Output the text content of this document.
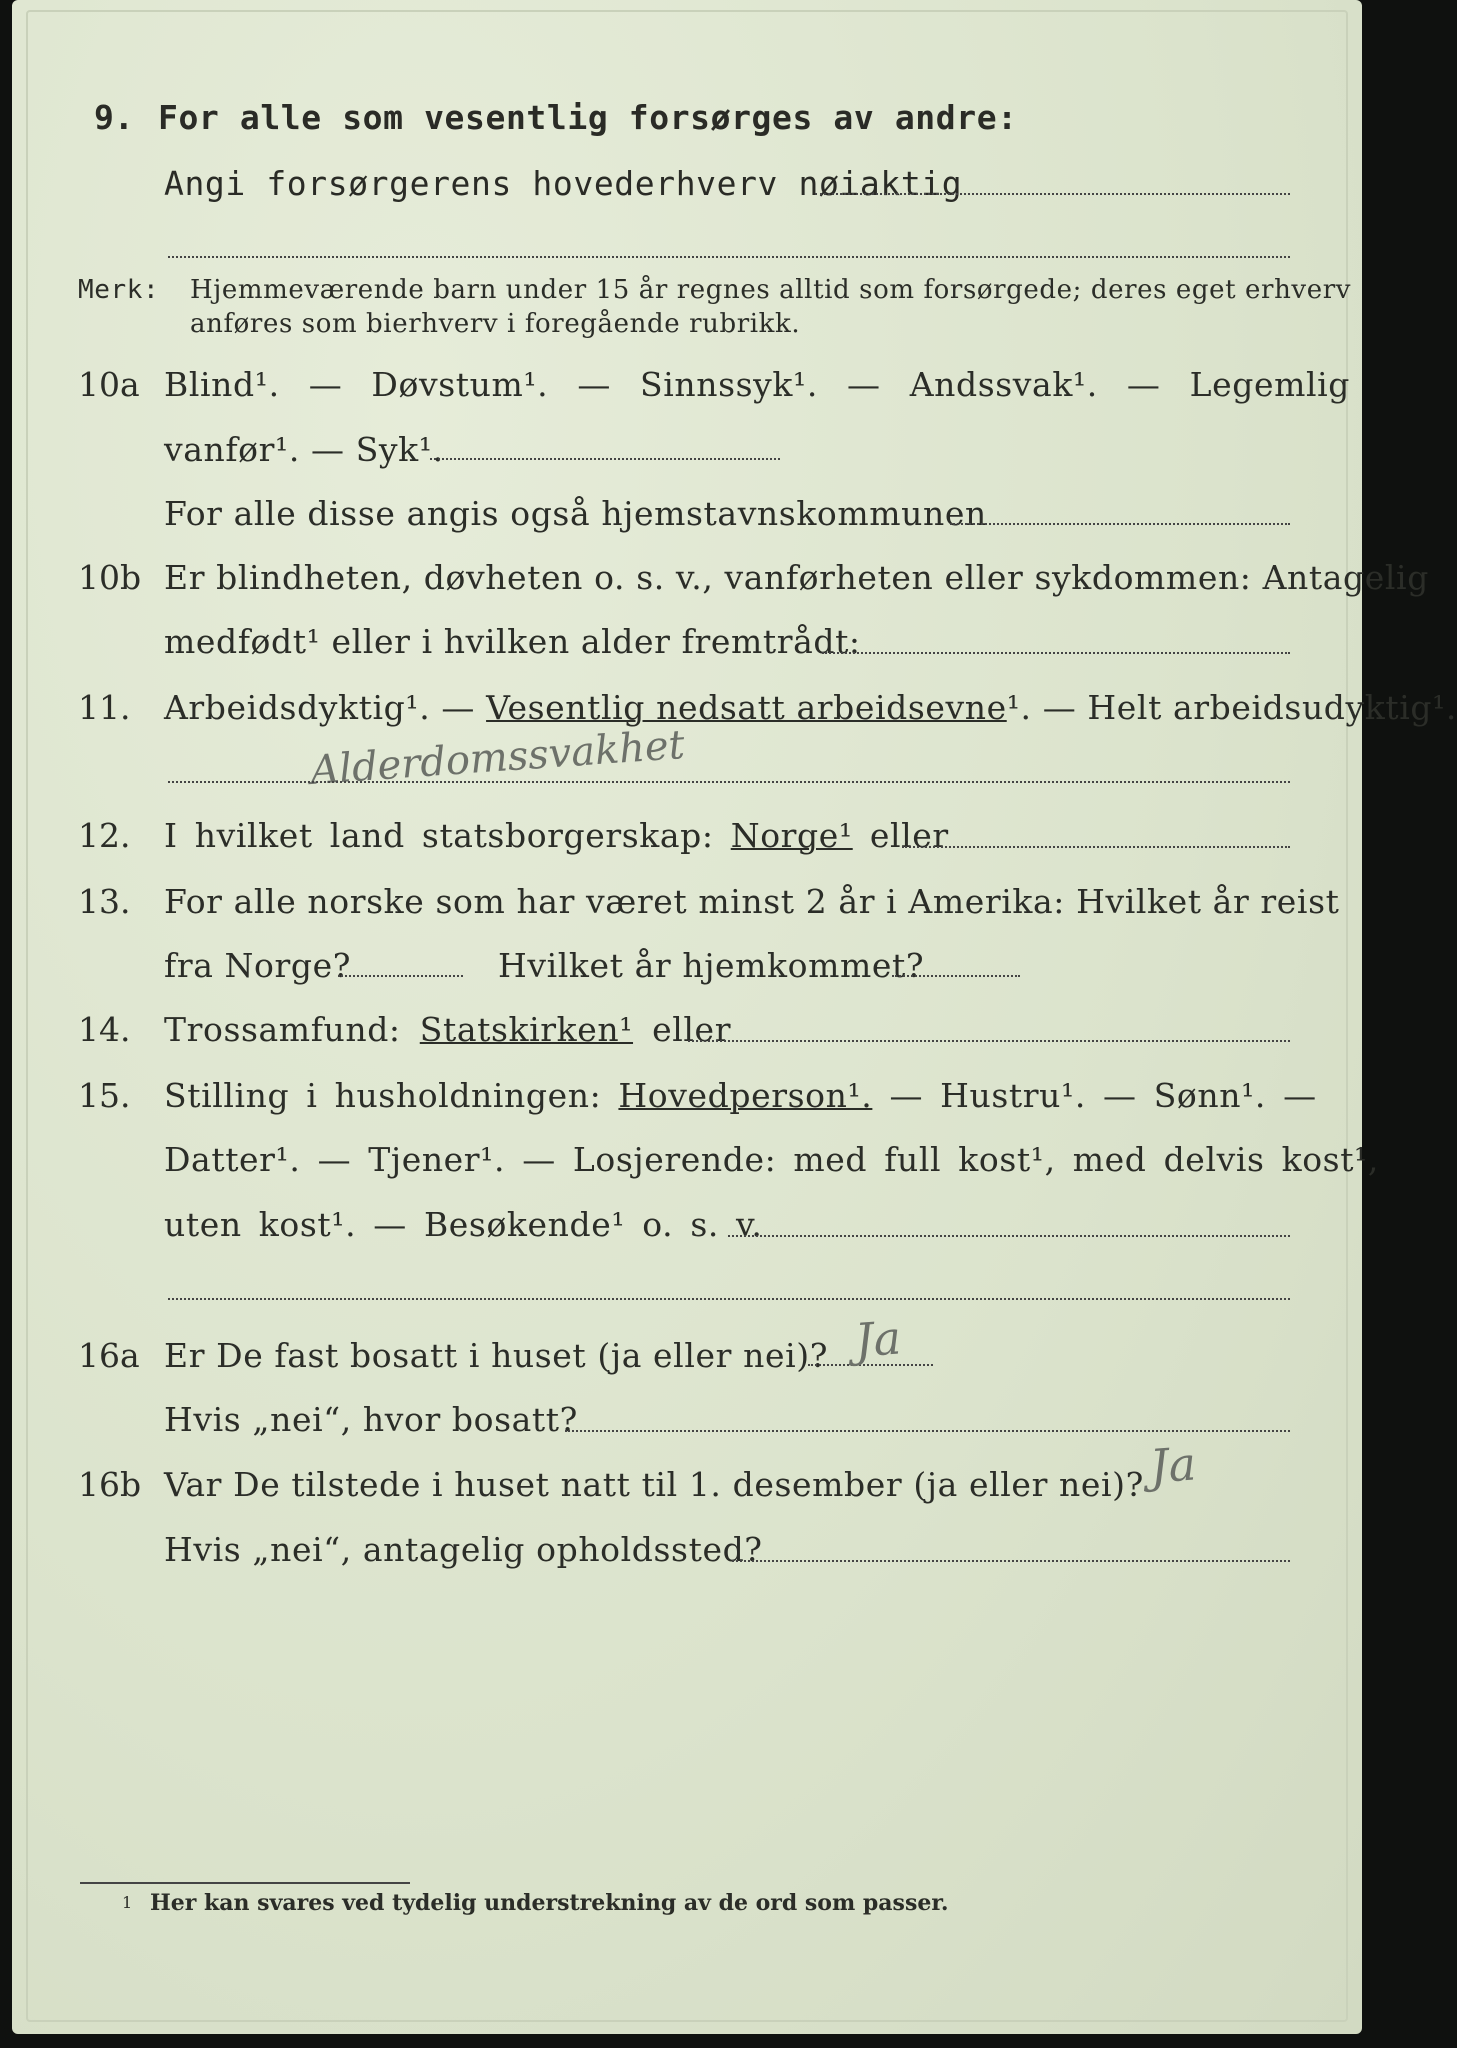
9. For alle som vesentlig forsørges av andre:
Angi forsørgerens hovederhverv nøiaktig
Merk: Hjemmeværende barn under 15 år regnes alltid som forsørgede; deres eget erhverv
anføres som bierhverv i foregående rubrikk.
10a Blind¹. — Døvstum¹. — Sinnssyk¹. — Andssvak¹. — Legemlig
vanfør¹. — Syk¹.
For alle disse angis også hjemstavnskommunen
10b Er blindheten, døvheten o. s. v., vanførheten eller sykdommen: Antagelig
medfødt¹ eller i hvilken alder fremtrådt:
11. Arbeidsdyktig¹. — Vesentlig nedsatt arbeidsevne¹. — Helt arbeidsudyktig¹.
Alderdomssvakhet
12. I hvilket land statsborgerskap: Norge¹ eller
13. For alle norske som har været minst 2 år i Amerika: Hvilket år reist
fra Norge?	Hvilket år hjemkommet?
14. Trossamfund: Statskirken¹ eller
15. Stilling i husholdningen: Hovedperson¹. — Hustru¹. — Sønn¹. —
Datter¹. — Tjener¹. — Losjerende: med full kost¹, med delvis kost¹,
uten kost¹. — Besøkende¹ o. s. v.
16a Er De fast bosatt i huset (ja eller nei)? Ja
Hvis „nei“, hvor bosatt?
16b Var De tilstede i huset natt til 1. desember (ja eller nei)? Ja
Hvis „nei“, antagelig opholdssted?
1 Her kan svares ved tydelig understrekning av de ord som passer.
